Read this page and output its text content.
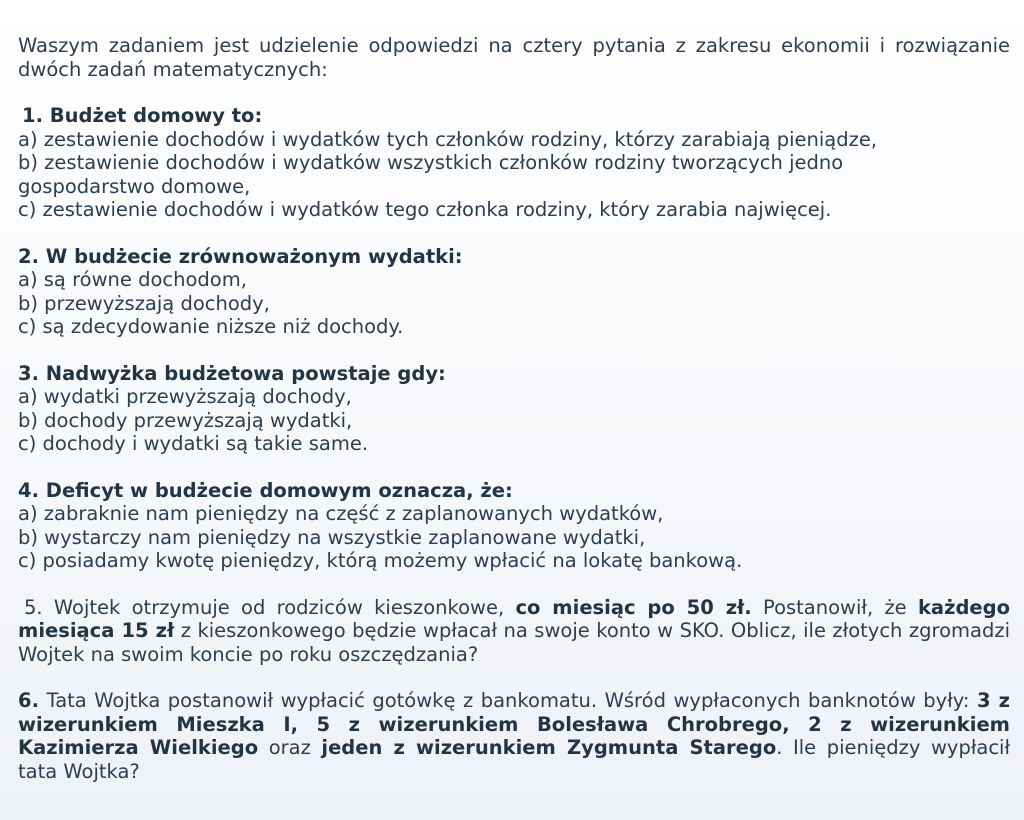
Waszym zadaniem jest udzielenie odpowiedzi na cztery pytania z zakresu ekonomii i rozwiązanie dwóch zadań matematycznych:
1. Budżet domowy to:
a) zestawienie dochodów i wydatków tych członków rodziny, którzy zarabiają pieniądze,
b) zestawienie dochodów i wydatków wszystkich członków rodziny tworzących jedno gospodarstwo domowe,
c) zestawienie dochodów i wydatków tego członka rodziny, który zarabia najwięcej.
2. W budżecie zrównoważonym wydatki:
a) są równe dochodom,
b) przewyższają dochody,
c) są zdecydowanie niższe niż dochody.
3. Nadwyżka budżetowa powstaje gdy:
a) wydatki przewyższają dochody,
b) dochody przewyższają wydatki,
c) dochody i wydatki są takie same.
4. Deficyt w budżecie domowym oznacza, że:
a) zabraknie nam pieniędzy na część z zaplanowanych wydatków,
b) wystarczy nam pieniędzy na wszystkie zaplanowane wydatki,
c) posiadamy kwotę pieniędzy, którą możemy wpłacić na lokatę bankową.
5. Wojtek otrzymuje od rodziców kieszonkowe, co miesiąc po 50 zł. Postanowił, że każdego miesiąca 15 zł z kieszonkowego będzie wpłacał na swoje konto w SKO. Oblicz, ile złotych zgromadzi Wojtek na swoim koncie po roku oszczędzania?
6. Tata Wojtka postanowił wypłacić gotówkę z bankomatu. Wśród wypłaconych banknotów były: 3 z wizerunkiem Mieszka I, 5 z wizerunkiem Bolesława Chrobrego, 2 z wizerunkiem Kazimierza Wielkiego oraz jeden z wizerunkiem Zygmunta Starego. Ile pieniędzy wypłacił tata Wojtka?
